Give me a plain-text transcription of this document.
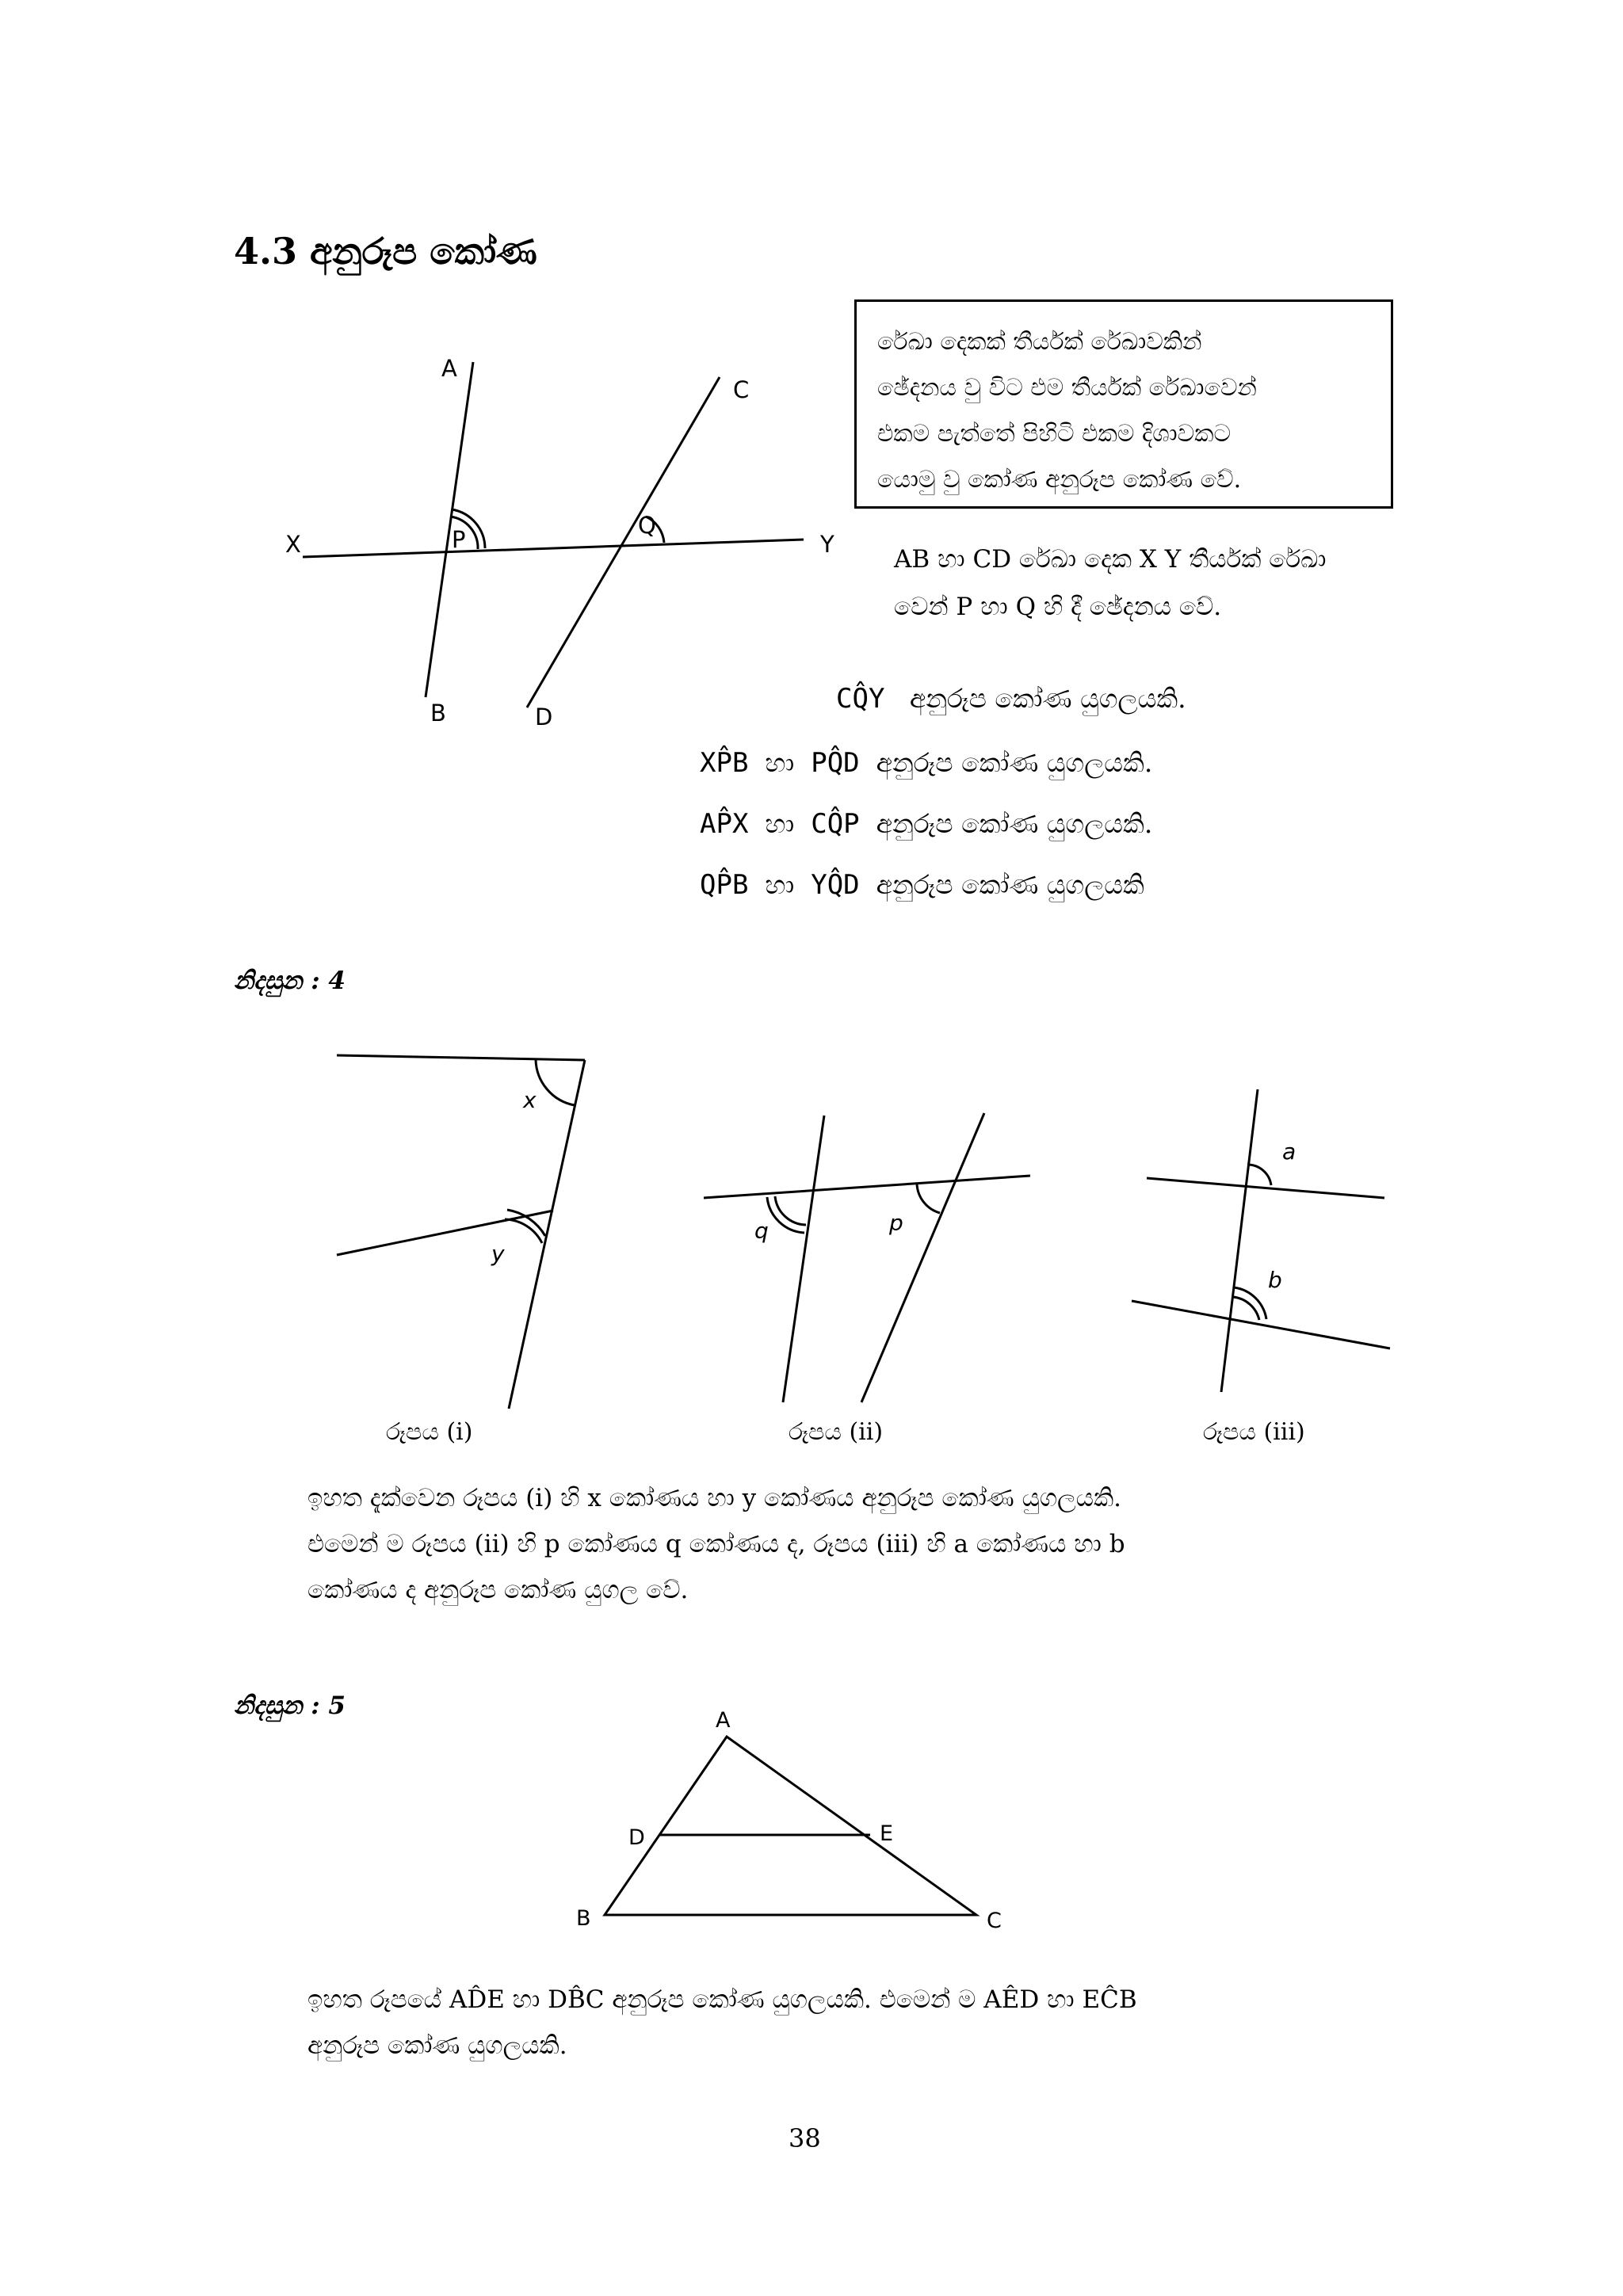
4.3 අනුරූප කෝණ
රේඛා දෙකක් තීර්යක් රේඛාවකින්
ඡේදනය වු විට එම තීර්යක් රේඛාවෙන්
එකම පැත්තේ පිහිටි එකම දිශාවකට
යොමු වු කෝණ අනුරූප කෝණ වේ.
AB හා CD රේඛා දෙක X Y තීර්යක් රේඛා
වෙන් P හා Q හි දී ඡේදනය වේ.
A
B
C
D
X	Y
P
Q
x
y
q	p
a
b
A
B	C
D	E
CQ̂Y අනුරූප කෝණ යුගලයකි.
XP̂B හා PQ̂D අනුරූප කෝණ යුගලයකි.
AP̂X හා CQ̂P අනුරූප කෝණ යුගලයකි.
QP̂B හා YQ̂D අනුරූප කෝණ යුගලයකි
නිදසුන : 4
රූපය (i)	රූපය (ii)	රූපය (iii)
ඉහත දැක්වෙන රූපය (i) හි x කෝණය හා y කෝණය අනුරූප කෝණ යුගලයකි.
එමෙන් ම රූපය (ii) හි p කෝණය q කෝණය ද, රූපය (iii) හි a කෝණය හා b
කෝණය ද අනුරූප කෝණ යුගල වේ.
නිදසුන : 5
ඉහත රූපයේ AD̂E හා DB̂C අනුරූප කෝණ යුගලයකි. එමෙන් ම AÊD හා EĈB
අනුරූප කෝණ යුගලයකි.
38
